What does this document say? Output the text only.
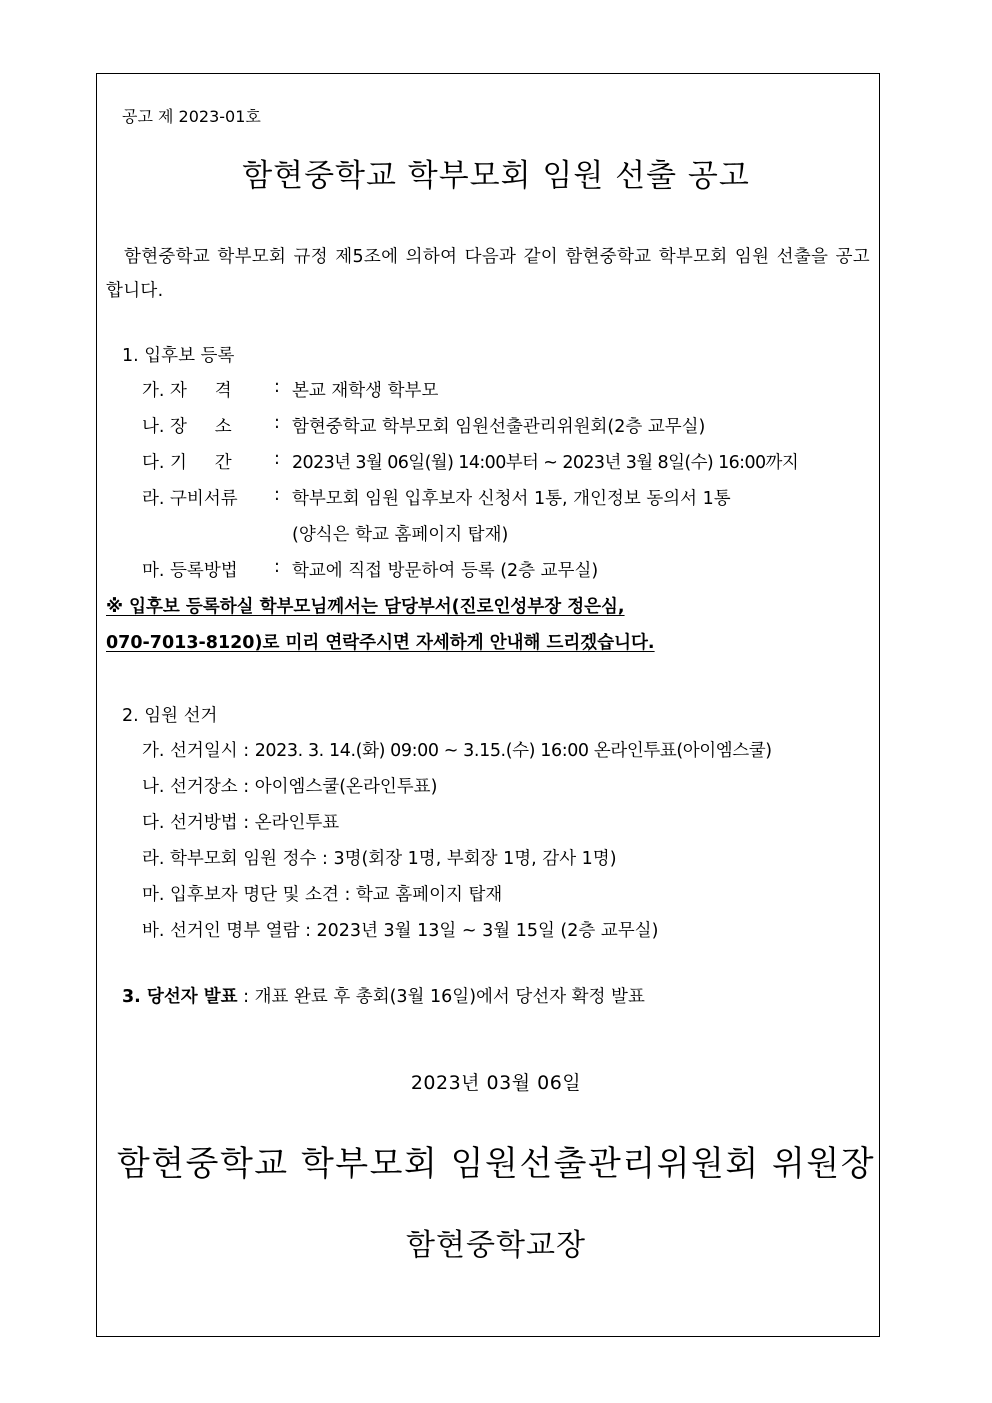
공고 제 2023-01호
함현중학교 학부모회 임원 선출 공고
함현중학교 학부모회 규정 제5조에 의하여 다음과 같이 함현중학교 학부모회 임원 선출을 공고합니다.
1. 입후보 등록
가. 자     격	: 본교 재학생 학부모
나. 장     소	: 함현중학교 학부모회 임원선출관리위원회(2층 교무실)
다. 기     간	: 2023년 3월 06일(월) 14:00부터 ~ 2023년 3월 8일(수) 16:00까지
라. 구비서류	: 학부모회 임원 입후보자 신청서 1통, 개인정보 동의서 1통
(양식은 학교 홈페이지 탑재)
마. 등록방법	: 학교에 직접 방문하여 등록 (2층 교무실)
※ 입후보 등록하실 학부모님께서는 담당부서(진로인성부장 정은심,
070-7013-8120)로 미리 연락주시면 자세하게 안내해 드리겠습니다.
2. 임원 선거
가. 선거일시 : 2023. 3. 14.(화) 09:00 ~ 3.15.(수) 16:00 온라인투표(아이엠스쿨)
나. 선거장소 : 아이엠스쿨(온라인투표)
다. 선거방법 : 온라인투표
라. 학부모회 임원 정수 : 3명(회장 1명, 부회장 1명, 감사 1명)
마. 입후보자 명단 및 소견 : 학교 홈페이지 탑재
바. 선거인 명부 열람 : 2023년 3월 13일 ~ 3월 15일 (2층 교무실)
3. 당선자 발표 : 개표 완료 후 총회(3월 16일)에서 당선자 확정 발표
2023년 03월 06일
함현중학교 학부모회 임원선출관리위원회 위원장
함현중학교장
